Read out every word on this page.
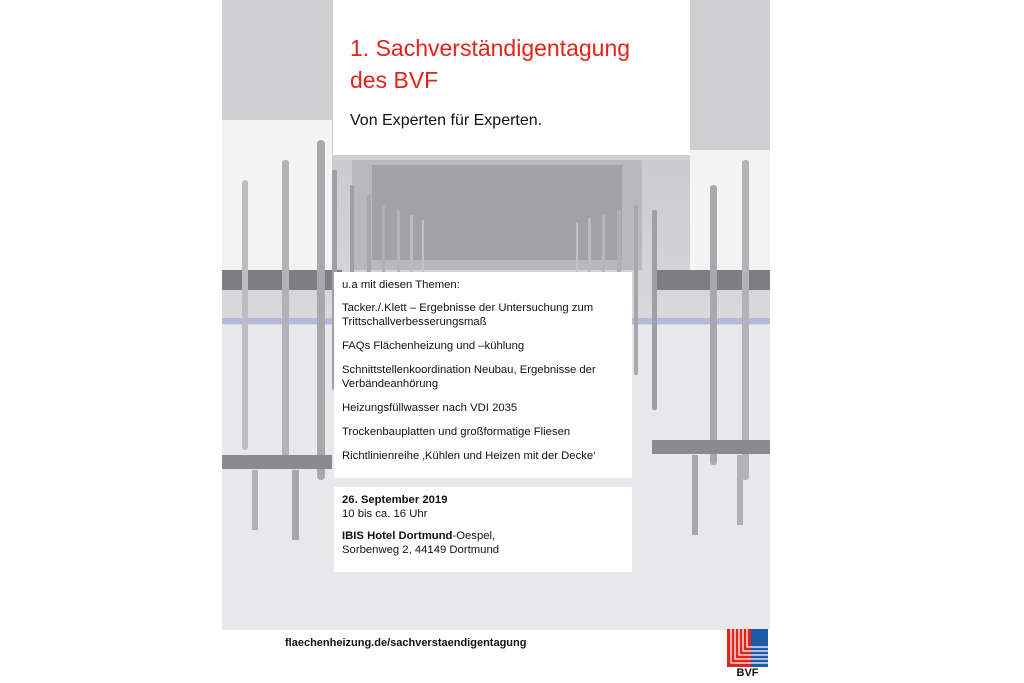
1. Sachverständigentagung
des BVF

Von Experten für Experten.

u.a mit diesen Themen:

Tacker./.Klett – Ergebnisse der Untersuchung zum Trittschallverbesserungsmaß
FAQs Flächenheizung und –kühlung
Schnittstellenkoordination Neubau, Ergebnisse der Verbändeanhörung
Heizungsfüllwasser nach VDI 2035
Trockenbauplatten und großformatige Fliesen
Richtlinienreihe ‚Kühlen und Heizen mit der Decke‘
26. September 2019
10 bis ca. 16 Uhr
IBIS Hotel Dortmund-Oespel,
Sorbenweg 2, 44149 Dortmund
flaechenheizung.de/sachverstaendigentagung
BVF
